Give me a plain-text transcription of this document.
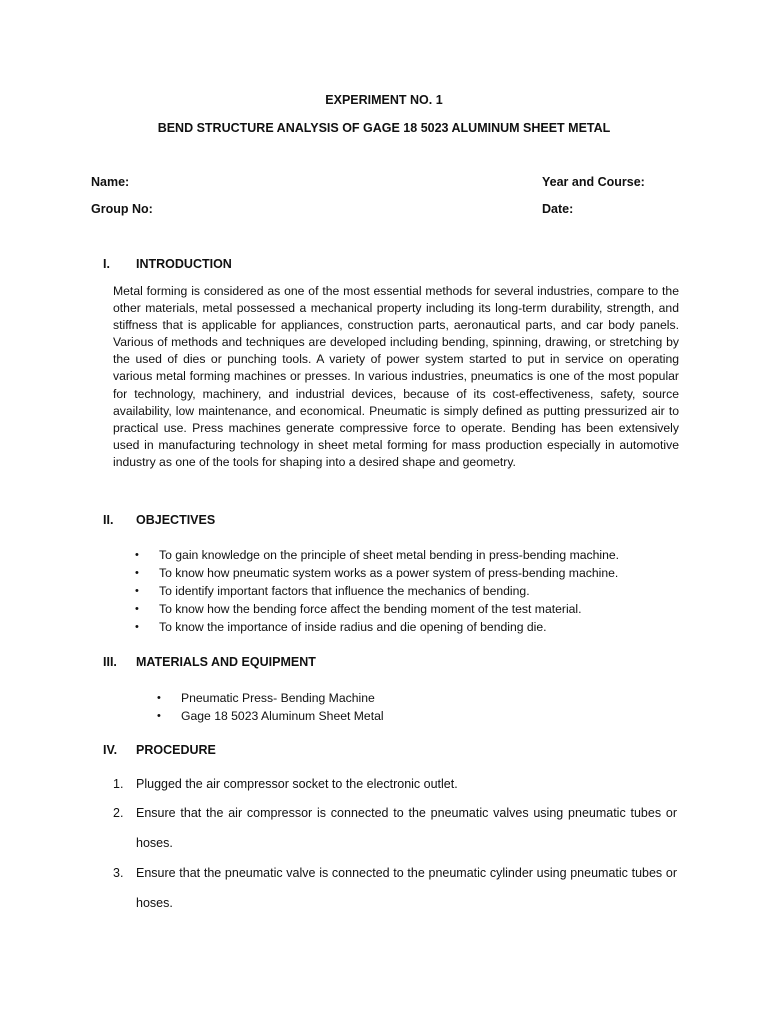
EXPERIMENT NO. 1
BEND STRUCTURE ANALYSIS OF GAGE 18 5023 ALUMINUM SHEET METAL
Name:	Year and Course:
Group No:	Date:
I. INTRODUCTION

Metal forming is considered as one of the most essential methods for several industries, compare to the other materials, metal possessed a mechanical property including its long-term durability, strength, and stiffness that is applicable for appliances, construction parts, aeronautical parts, and car body panels. Various of methods and techniques are developed including bending, spinning, drawing, or stretching by the used of dies or punching tools. A variety of power system started to put in service on operating various metal forming machines or presses. In various industries, pneumatics is one of the most popular for technology, machinery, and industrial devices, because of its cost-effectiveness, safety, source availability, low maintenance, and economical. Pneumatic is simply defined as putting pressurized air to practical use. Press machines generate compressive force to operate. Bending has been extensively used in manufacturing technology in sheet metal forming for mass production especially in automotive industry as one of the tools for shaping into a desired shape and geometry.

II. OBJECTIVES
• To gain knowledge on the principle of sheet metal bending in press-bending machine.
• To know how pneumatic system works as a power system of press-bending machine.
• To identify important factors that influence the mechanics of bending.
• To know how the bending force affect the bending moment of the test material.
• To know the importance of inside radius and die opening of bending die.
III. MATERIALS AND EQUIPMENT
• Pneumatic Press- Bending Machine
• Gage 18 5023 Aluminum Sheet Metal
IV. PROCEDURE
1. Plugged the air compressor socket to the electronic outlet.

2. Ensure that the air compressor is connected to the pneumatic valves using pneumatic tubes or hoses.

3. Ensure that the pneumatic valve is connected to the pneumatic cylinder using pneumatic tubes or hoses.
